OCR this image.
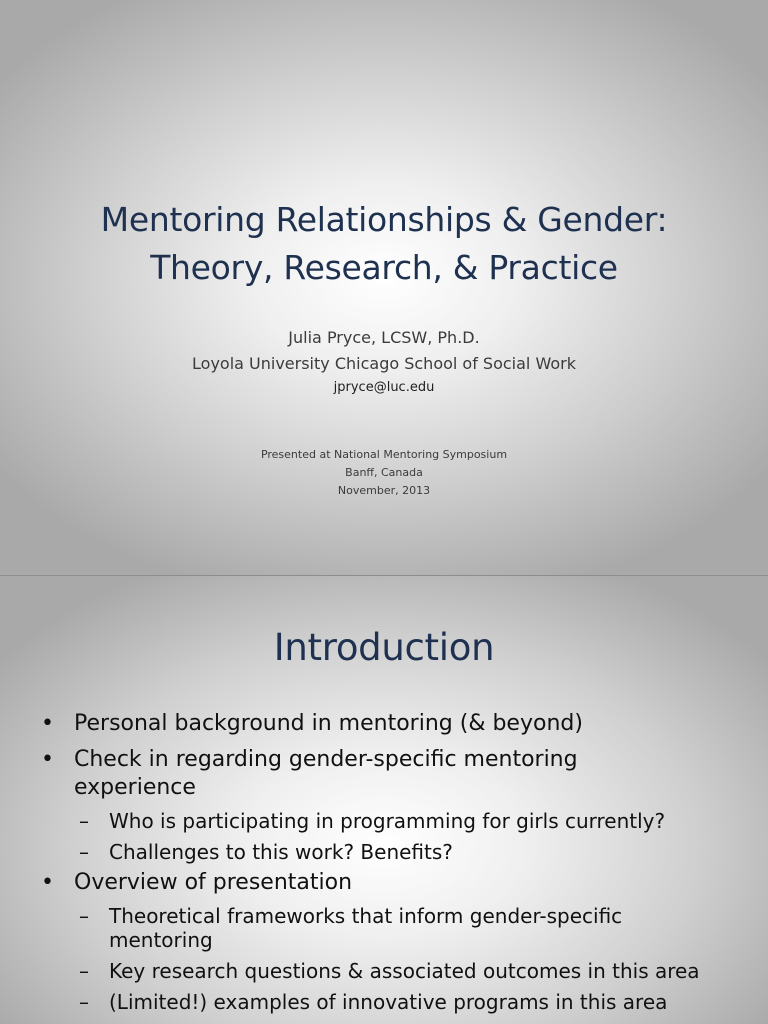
Mentoring Relationships & Gender:
Theory, Research, & Practice
Julia Pryce, LCSW, Ph.D.
Loyola University Chicago School of Social Work
jpryce@luc.edu
Presented at National Mentoring Symposium
Banff, Canada
November, 2013
Introduction
• Personal background in mentoring (& beyond)
• Check in regarding gender-specific mentoring
experience
– Who is participating in programming for girls currently?
– Challenges to this work? Benefits?
• Overview of presentation
– Theoretical frameworks that inform gender-specific
mentoring
– Key research questions & associated outcomes in this area
– (Limited!) examples of innovative programs in this area
